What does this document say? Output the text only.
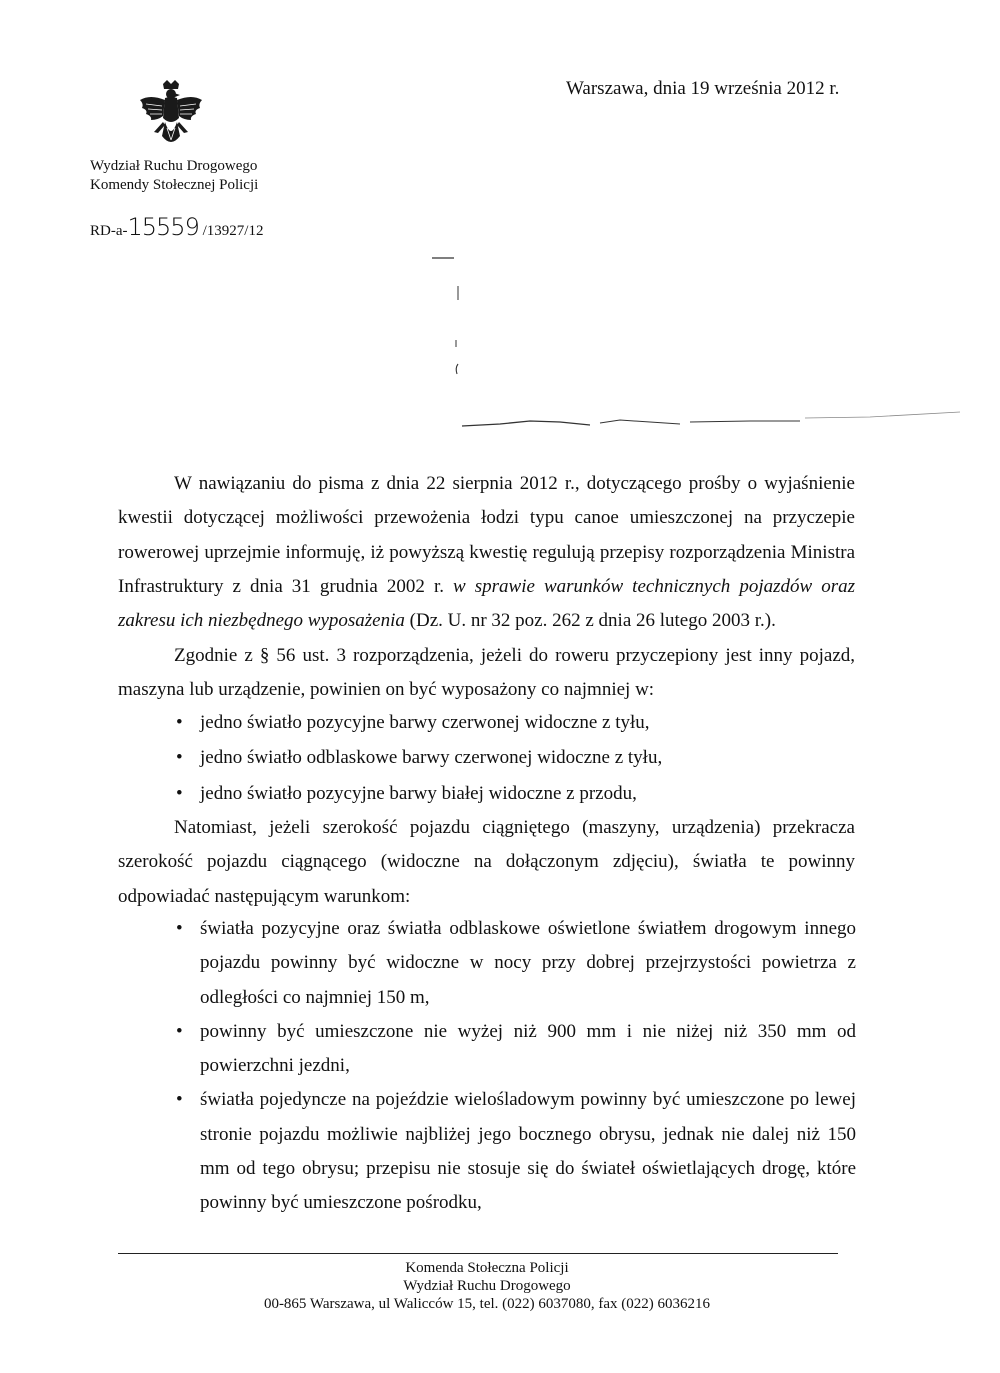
Warszawa, dnia 19 września 2012 r.
Wydział Ruchu Drogowego
Komendy Stołecznej Policji
RD-a-15559 /13927/12

W nawiązaniu do pisma z dnia 22 sierpnia 2012 r., dotyczącego prośby o wyjaśnienie kwestii dotyczącej możliwości przewożenia łodzi typu canoe umieszczonej na przyczepie rowerowej uprzejmie informuję, iż powyższą kwestię regulują przepisy rozporządzenia Ministra Infrastruktury z dnia 31 grudnia 2002 r. w sprawie warunków technicznych pojazdów oraz zakresu ich niezbędnego wyposażenia (Dz. U. nr 32 poz. 262 z dnia 26 lutego 2003 r.).

Zgodnie z § 56 ust. 3 rozporządzenia, jeżeli do roweru przyczepiony jest inny pojazd, maszyna lub urządzenie, powinien on być wyposażony co najmniej w:

• jedno światło pozycyjne barwy czerwonej widoczne z tyłu,
• jedno światło odblaskowe barwy czerwonej widoczne z tyłu,
• jedno światło pozycyjne barwy białej widoczne z przodu,

Natomiast, jeżeli szerokość pojazdu ciągniętego (maszyny, urządzenia) przekracza szerokość pojazdu ciągnącego (widoczne na dołączonym zdjęciu), światła te powinny odpowiadać następującym warunkom:

• światła pozycyjne oraz światła odblaskowe oświetlone światłem drogowym innego pojazdu powinny być widoczne w nocy przy dobrej przejrzystości powietrza z odległości co najmniej 150 m,
• powinny być umieszczone nie wyżej niż 900 mm i nie niżej niż 350 mm od powierzchni jezdni,
• światła pojedyncze na pojeździe wielośladowym powinny być umieszczone po lewej stronie pojazdu możliwie najbliżej jego bocznego obrysu, jednak nie dalej niż 150 mm od tego obrysu; przepisu nie stosuje się do świateł oświetlających drogę, które powinny być umieszczone pośrodku,
Komenda Stołeczna Policji
Wydział Ruchu Drogowego
00-865 Warszawa, ul Walicców 15, tel. (022) 6037080, fax (022) 6036216
